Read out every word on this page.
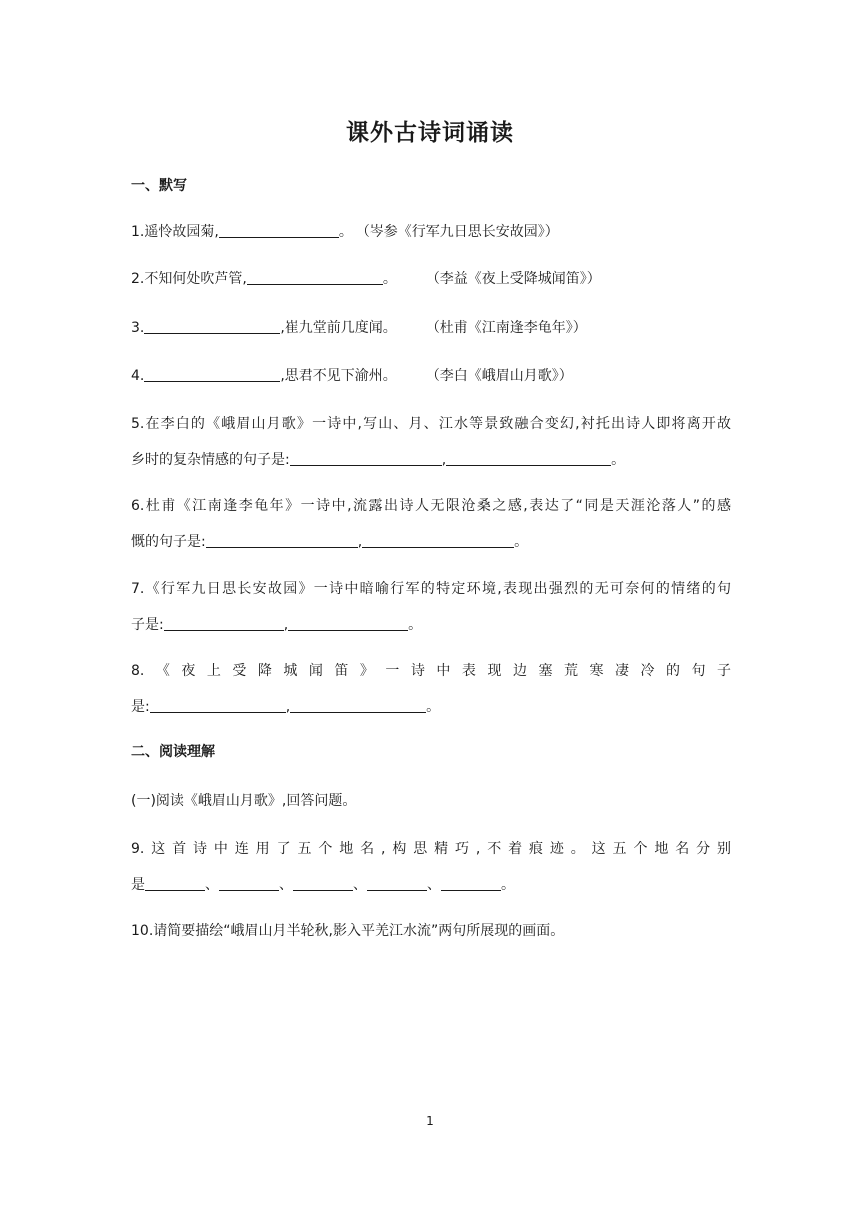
课外古诗词诵读

一、默写

1.遥怜故园菊,	。 （岑参《行军九日思长安故园》）

2.不知何处吹芦管,	。	（李益《夜上受降城闻笛》）

3.	,崔九堂前几度闻。	（杜甫《江南逢李龟年》）

4.	,思君不见下渝州。	（李白《峨眉山月歌》）

5.在李白的《峨眉山月歌》一诗中,写山、月、江水等景致融合变幻,衬托出诗人即将离开故

乡时的复杂情感的句子是:	,	。

6.杜甫《江南逢李龟年》一诗中,流露出诗人无限沧桑之感,表达了“同是天涯沦落人”的感

慨的句子是:	,	。

7.《行军九日思长安故园》一诗中暗喻行军的特定环境,表现出强烈的无可奈何的情绪的句

子是:	,	。

8.《夜上受降城闻笛》一诗中表现边塞荒寒凄冷的句子

是:	,	。

二、阅读理解

(一)阅读《峨眉山月歌》,回答问题。

9.这首诗中连用了五个地名,构思精巧,不着痕迹。这五个地名分别

是	、	、	、	、	。

10.请简要描绘“峨眉山月半轮秋,影入平羌江水流”两句所展现的画面。

1
